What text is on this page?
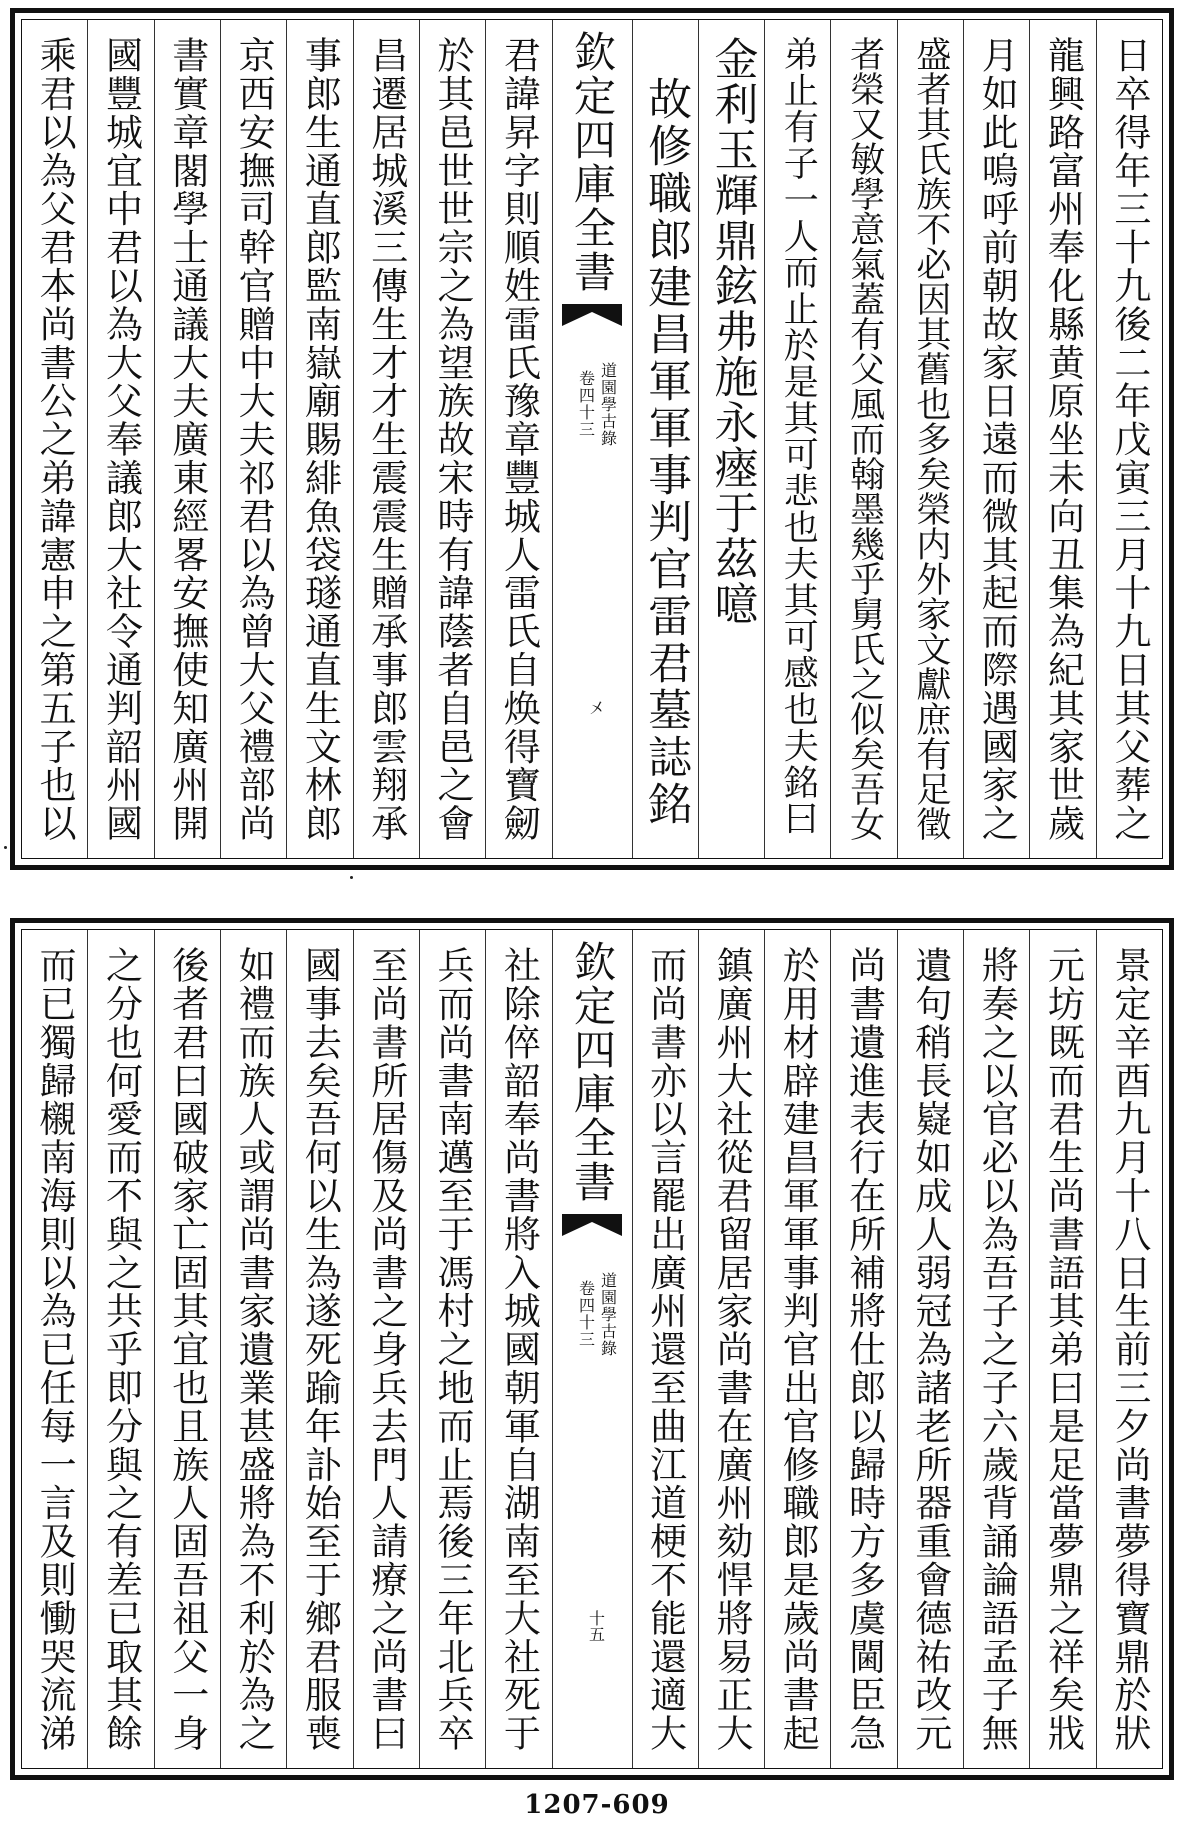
日卒得年三十九後二年戊寅三月十九日其父葬之
龍興路富州奉化縣黄原坐未向丑集為紀其家世歲
月如此嗚呼前朝故家日遠而微其起而際遇國家之
盛者其氏族不必因其舊也多矣榮内外家文獻庶有足徵
者榮又敏學意氣蓋有父風而翰墨幾乎舅氏之似矣吾女
弟止有子一人而止於是其可悲也夫其可感也夫銘曰
金利玉輝鼎鉉弗施永瘞于茲噫
故修職郎建昌軍軍事判官雷君墓誌銘
欽定四庫全書
道園學古錄
卷四十三
㐅
君諱昇字則順姓雷氏豫章豐城人雷氏自焕得寶劒
於其邑世世宗之為望族故宋時有諱蔭者自邑之會
昌遷居城溪三傳生才才生震震生贈承事郎雲翔承
事郎生通直郎監南嶽廟賜緋魚袋璲通直生文林郎
京西安撫司幹官贈中大夫祁君以為曾大父禮部尚
書實章閣學士通議大夫廣東經畧安撫使知廣州開
國豐城宜中君以為大父奉議郎大社令通判韶州國
乘君以為父君本尚書公之弟諱憲申之第五子也以
景定辛酉九月十八日生前三夕尚書夢得寶鼎於狀
元坊既而君生尚書語其弟曰是足當夢鼎之祥矣戕
將奏之以官必以為吾子之子六歲背誦論語孟子無
遺句稍長嶷如成人弱冠為諸老所器重會德祐改元
尚書遺進表行在所補將仕郎以歸時方多虞閫臣急
於用材辟建昌軍軍事判官出官修職郎是歲尚書起
鎮廣州大社從君留居家尚書在廣州劾悍將易正大
而尚書亦以言罷出廣州還至曲江道梗不能還適大
欽定四庫全書
道園學古錄
卷四十三
十五
社除倅韶奉尚書將入城國朝軍自湖南至大社死于
兵而尚書南邁至于馮村之地而止焉後三年北兵卒
至尚書所居傷及尚書之身兵去門人請療之尚書曰
國事去矣吾何以生為遂死踰年訃始至于鄉君服喪
如禮而族人或謂尚書家遺業甚盛將為不利於為之
後者君曰國破家亡固其宜也且族人固吾祖父一身
之分也何愛而不與之共乎即分與之有差已取其餘
而已獨歸櫬南海則以為已任每一言及則慟哭流涕
1207-609
